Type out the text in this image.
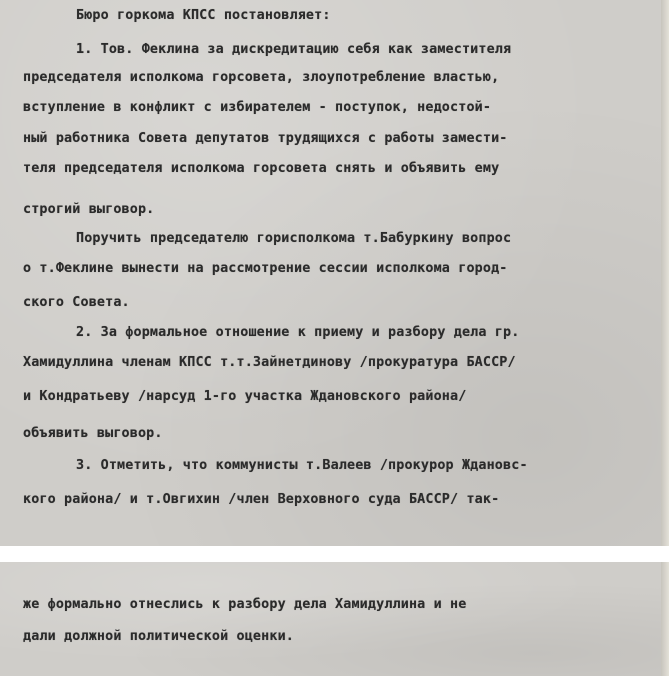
Бюро горкома КПСС постановляет:
1. Тов. Феклина за дискредитацию себя как заместителя
председателя исполкома горсовета, злоупотребление властью,
вступление в конфликт с избирателем - поступок, недостой-
ный работника Совета депутатов трудящихся с работы замести-
теля председателя исполкома горсовета снять и объявить ему
строгий выговор.
Поручить председателю горисполкома т.Бабуркину вопрос
о т.Феклине вынести на рассмотрение сессии исполкома город-
ского Совета.
2. За формальное отношение к приему и разбору дела гр.
Хамидуллина членам КПСС т.т.Зайнетдинову /прокуратура БАССР/
и Кондратьеву /нарсуд 1-го участка Ждановского района/
объявить выговор.
3. Отметить, что коммунисты т.Валеев /прокурор Ждановс-
кого района/ и т.Овгихин /член Верховного суда БАССР/ так-
же формально отнеслись к разбору дела Хамидуллина и не
дали должной политической оценки.
